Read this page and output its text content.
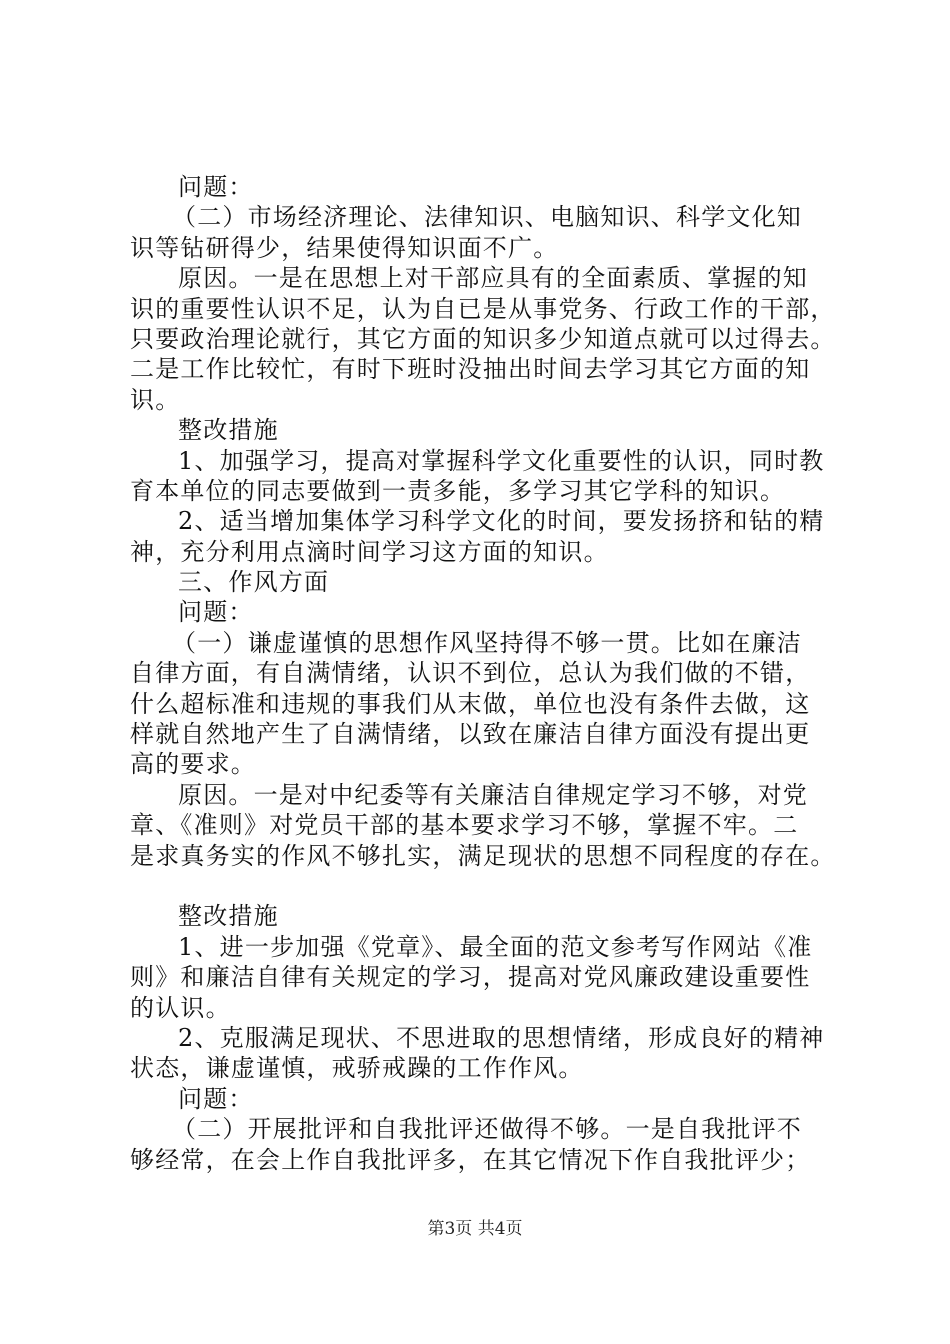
问题：
（二）市场经济理论、法律知识、电脑知识、科学文化知
识等钻研得少，结果使得知识面不广。
原因。一是在思想上对干部应具有的全面素质、掌握的知
识的重要性认识不足，认为自已是从事党务、行政工作的干部，
只要政治理论就行，其它方面的知识多少知道点就可以过得去。
二是工作比较忙，有时下班时没抽出时间去学习其它方面的知
识。
整改措施
1、加强学习，提高对掌握科学文化重要性的认识，同时教
育本单位的同志要做到一责多能，多学习其它学科的知识。
2、适当增加集体学习科学文化的时间，要发扬挤和钻的精
神，充分利用点滴时间学习这方面的知识。
三、作风方面
问题：
（一）谦虚谨慎的思想作风坚持得不够一贯。比如在廉洁
自律方面，有自满情绪，认识不到位，总认为我们做的不错，
什么超标准和违规的事我们从末做，单位也没有条件去做，这
样就自然地产生了自满情绪，以致在廉洁自律方面没有提出更
高的要求。
原因。一是对中纪委等有关廉洁自律规定学习不够，对党
章、《准则》对党员干部的基本要求学习不够，掌握不牢。二
是求真务实的作风不够扎实，满足现状的思想不同程度的存在。
整改措施
1、进一步加强《党章》、最全面的范文参考写作网站《准
则》和廉洁自律有关规定的学习，提高对党风廉政建设重要性
的认识。
2、克服满足现状、不思进取的思想情绪，形成良好的精神
状态，谦虚谨慎，戒骄戒躁的工作作风。
问题：
（二）开展批评和自我批评还做得不够。一是自我批评不
够经常，在会上作自我批评多，在其它情况下作自我批评少；
第3页 共4页
